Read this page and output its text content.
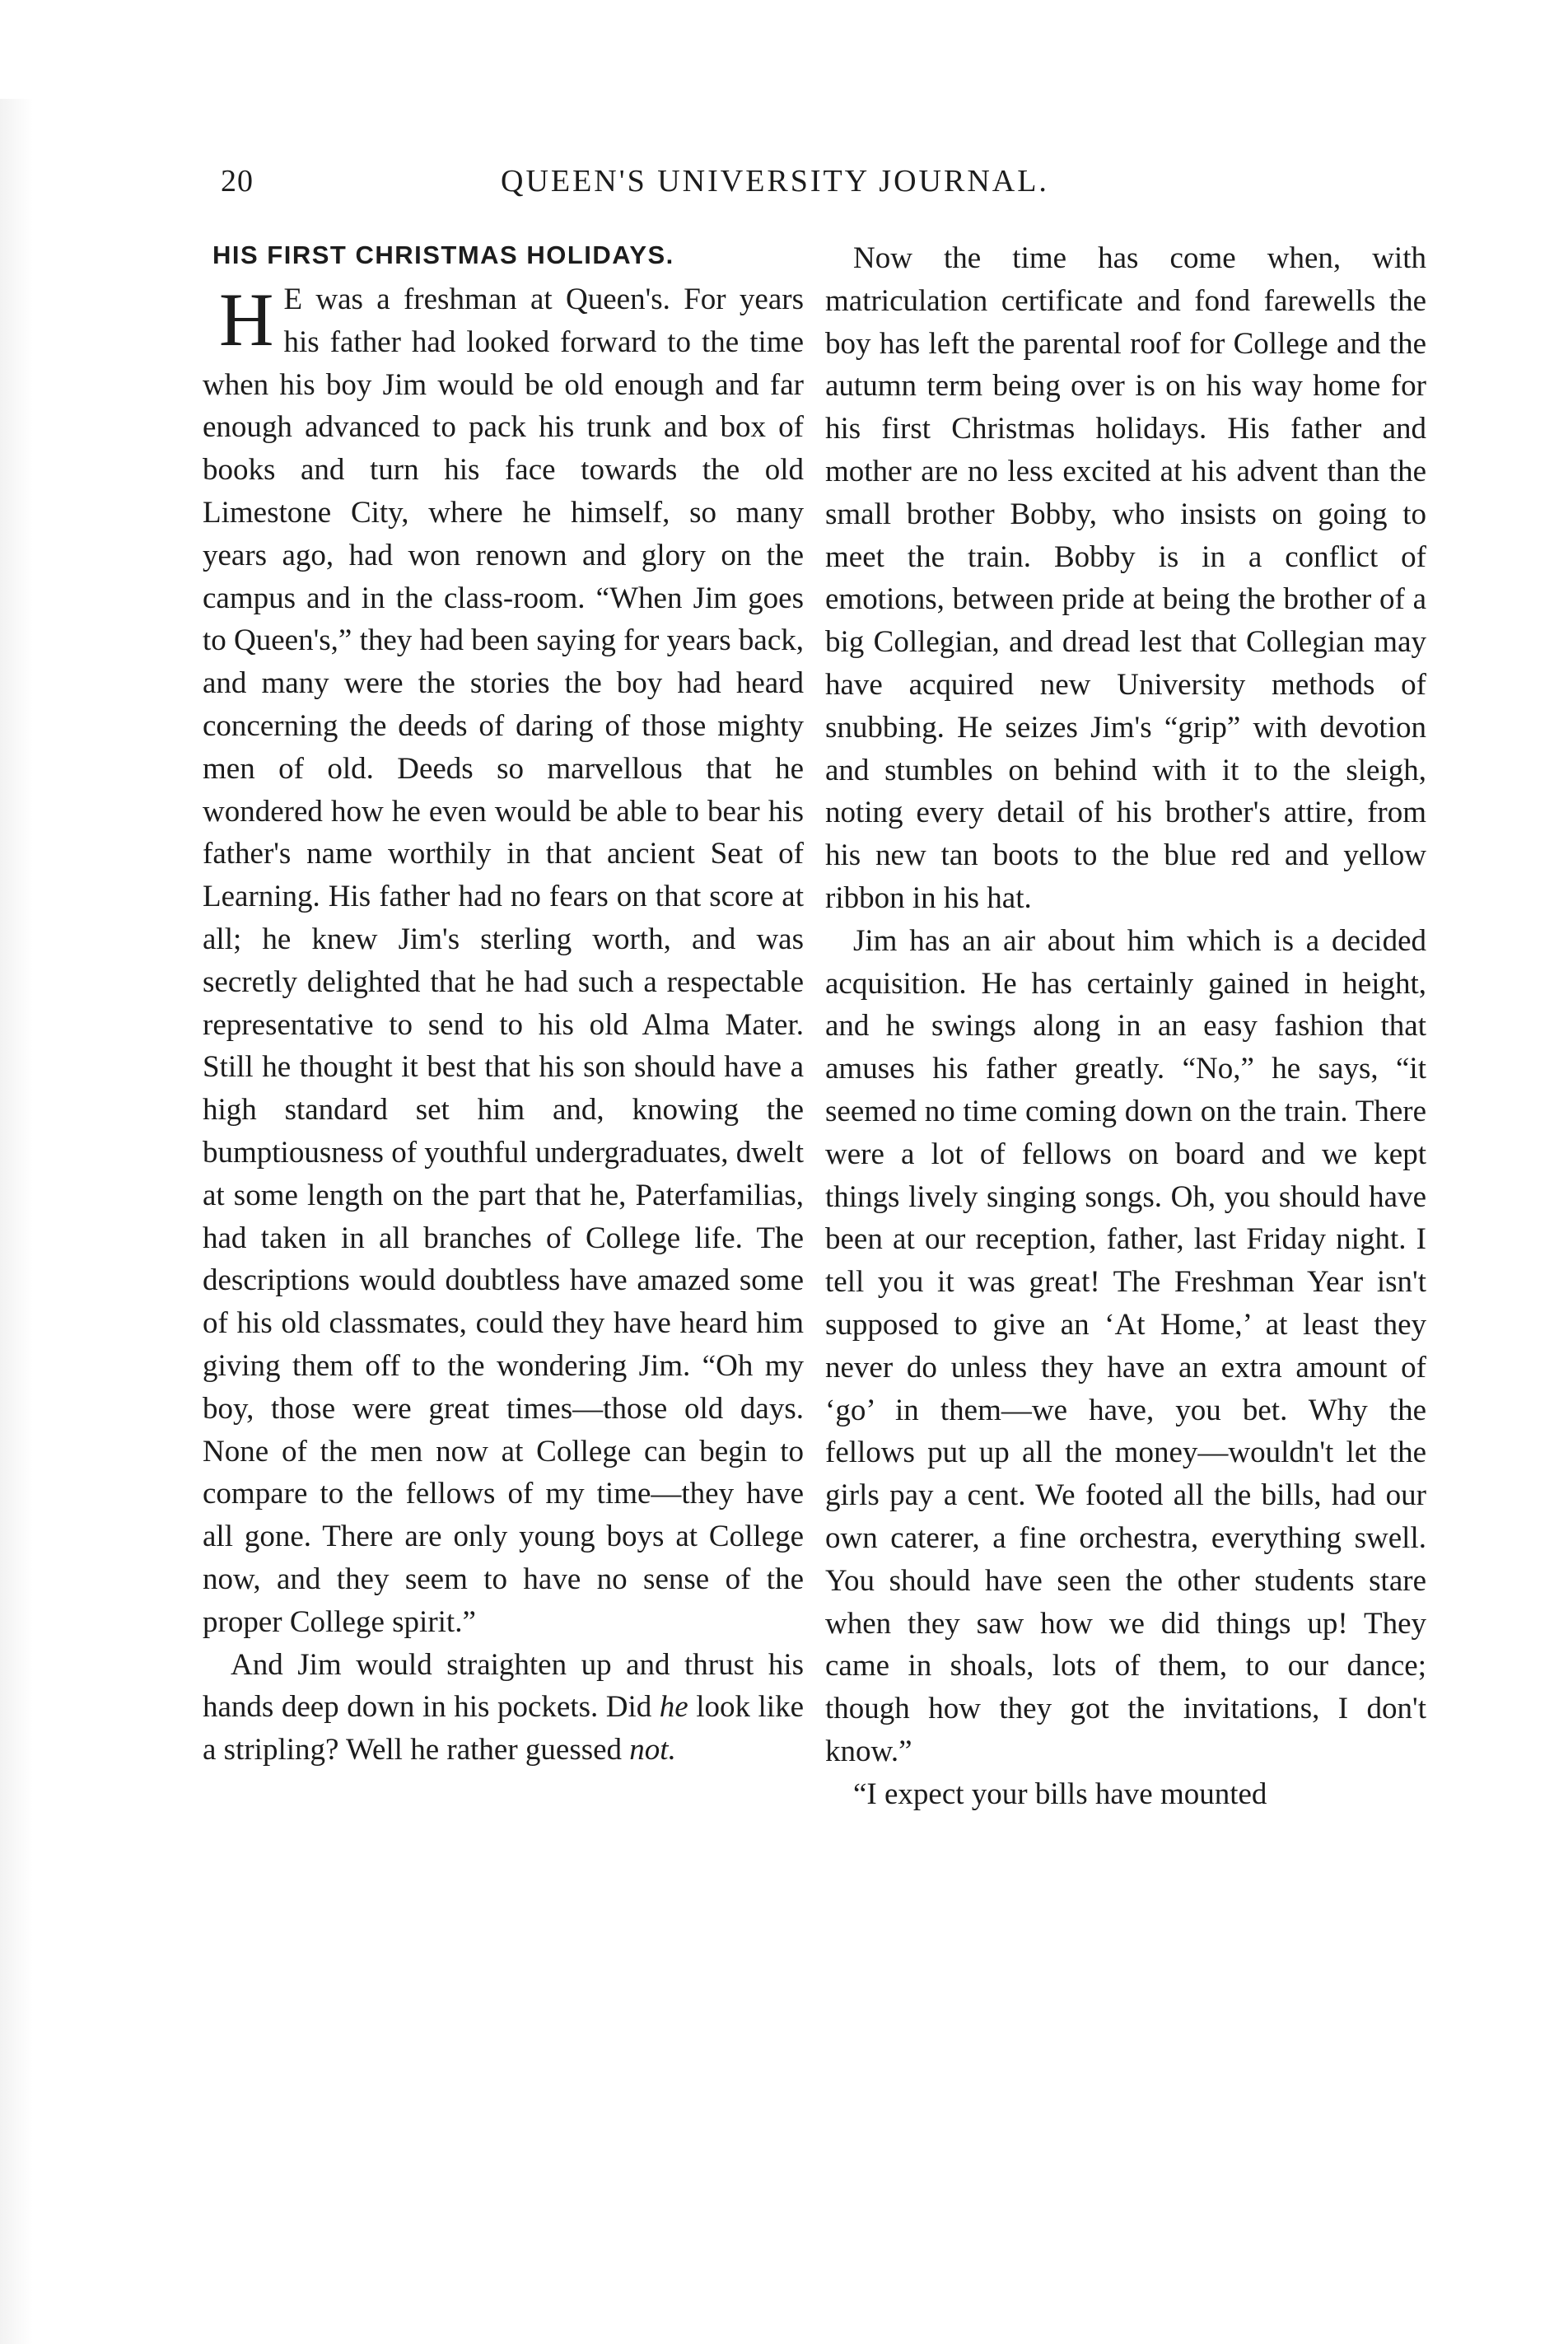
20	QUEEN'S UNIVERSITY JOURNAL.
HIS FIRST CHRISTMAS HOLIDAYS.

H E was a freshman at Queen's. For years his father had looked forward to the time when his boy Jim would be old enough and far enough advanced to pack his trunk and box of books and turn his face towards the old Limestone City, where he himself, so many years ago, had won renown and glory on the campus and in the class-room. “When Jim goes to Queen's,” they had been saying for years back, and many were the stories the boy had heard concerning the deeds of daring of those mighty men of old. Deeds so marvellous that he wondered how he even would be able to bear his father's name worthily in that ancient Seat of Learning. His father had no fears on that score at all; he knew Jim's sterling worth, and was secretly delighted that he had such a respectable representative to send to his old Alma Mater. Still he thought it best that his son should have a high standard set him and, knowing the bumptiousness of youthful undergraduates, dwelt at some length on the part that he, Paterfamilias, had taken in all branches of College life. The descriptions would doubtless have amazed some of his old classmates, could they have heard him giving them off to the wondering Jim. “Oh my boy, those were great times—those old days. None of the men now at College can begin to compare to the fellows of my time—they have all gone. There are only young boys at College now, and they seem to have no sense of the proper College spirit.”

And Jim would straighten up and thrust his hands deep down in his pockets. Did he look like a stripling? Well he rather guessed not.

Now the time has come when, with matriculation certificate and fond farewells the boy has left the parental roof for College and the autumn term being over is on his way home for his first Christmas holidays. His father and mother are no less excited at his advent than the small brother Bobby, who insists on going to meet the train. Bobby is in a conflict of emotions, between pride at being the brother of a big Collegian, and dread lest that Collegian may have acquired new University methods of snubbing. He seizes Jim's “grip” with devotion and stumbles on behind with it to the sleigh, noting every detail of his brother's attire, from his new tan boots to the blue red and yellow ribbon in his hat.

Jim has an air about him which is a decided acquisition. He has certainly gained in height, and he swings along in an easy fashion that amuses his father greatly. “No,” he says, “it seemed no time coming down on the train. There were a lot of fellows on board and we kept things lively singing songs. Oh, you should have been at our reception, father, last Friday night. I tell you it was great! The Freshman Year isn't supposed to give an ‘At Home,’ at least they never do unless they have an extra amount of ‘go’ in them—we have, you bet. Why the fellows put up all the money—wouldn't let the girls pay a cent. We footed all the bills, had our own caterer, a fine orchestra, everything swell. You should have seen the other students stare when they saw how we did things up! They came in shoals, lots of them, to our dance; though how they got the invitations, I don't know.”

“I expect your bills have mounted
